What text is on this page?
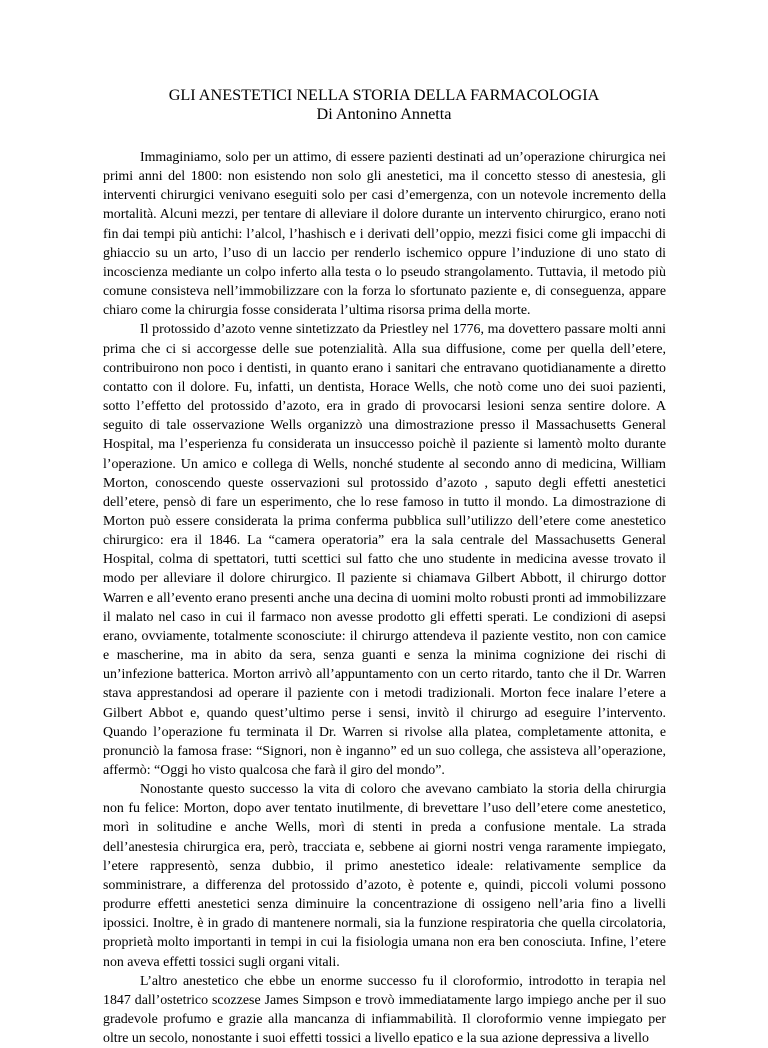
GLI ANESTETICI NELLA STORIA DELLA FARMACOLOGIA
Di Antonino Annetta

Immaginiamo, solo per un attimo, di essere pazienti destinati ad un’operazione chirurgica nei primi anni del 1800: non esistendo non solo gli anestetici, ma il concetto stesso di anestesia, gli interventi chirurgici venivano eseguiti solo per casi d’emergenza, con un notevole incremento della mortalità. Alcuni mezzi, per tentare di alleviare il dolore durante un intervento chirurgico, erano noti fin dai tempi più antichi: l’alcol, l’hashisch e i derivati dell’oppio, mezzi fisici come gli impacchi di ghiaccio su un arto, l’uso di un laccio per renderlo ischemico oppure l’induzione di uno stato di incoscienza mediante un colpo inferto alla testa o lo pseudo strangolamento. Tuttavia, il metodo più comune consisteva nell’immobilizzare con la forza lo sfortunato paziente e, di conseguenza, appare chiaro come la chirurgia fosse considerata l’ultima risorsa prima della morte.

Il protossido d’azoto venne sintetizzato da Priestley nel 1776, ma dovettero passare molti anni prima che ci si accorgesse delle sue potenzialità. Alla sua diffusione, come per quella dell’etere, contribuirono non poco i dentisti, in quanto erano i sanitari che entravano quotidianamente a diretto contatto con il dolore. Fu, infatti, un dentista, Horace Wells, che notò come uno dei suoi pazienti, sotto l’effetto del protossido d’azoto, era in grado di provocarsi lesioni senza sentire dolore. A seguito di tale osservazione Wells organizzò una dimostrazione presso il Massachusetts General Hospital, ma l’esperienza fu considerata un insuccesso poichè il paziente si lamentò molto durante l’operazione. Un amico e collega di Wells, nonché studente al secondo anno di medicina, William Morton, conoscendo queste osservazioni sul protossido d’azoto , saputo degli effetti anestetici dell’etere, pensò di fare un esperimento, che lo rese famoso in tutto il mondo. La dimostrazione di Morton può essere considerata la prima conferma pubblica sull’utilizzo dell’etere come anestetico chirurgico: era il 1846. La “camera operatoria” era la sala centrale del Massachusetts General Hospital, colma di spettatori, tutti scettici sul fatto che uno studente in medicina avesse trovato il modo per alleviare il dolore chirurgico. Il paziente si chiamava Gilbert Abbott, il chirurgo dottor Warren e all’evento erano presenti anche una decina di uomini molto robusti pronti ad immobilizzare il malato nel caso in cui il farmaco non avesse prodotto gli effetti sperati. Le condizioni di asepsi erano, ovviamente, totalmente sconosciute: il chirurgo attendeva il paziente vestito, non con camice e mascherine, ma in abito da sera, senza guanti e senza la minima cognizione dei rischi di un’infezione batterica. Morton arrivò all’appuntamento con un certo ritardo, tanto che il Dr. Warren stava apprestandosi ad operare il paziente con i metodi tradizionali. Morton fece inalare l’etere a Gilbert Abbot e, quando quest’ultimo perse i sensi, invitò il chirurgo ad eseguire l’intervento. Quando l’operazione fu terminata il Dr. Warren si rivolse alla platea, completamente attonita, e pronunciò la famosa frase: “Signori, non è inganno” ed un suo collega, che assisteva all’operazione, affermò: “Oggi ho visto qualcosa che farà il giro del mondo”.

Nonostante questo successo la vita di coloro che avevano cambiato la storia della chirurgia non fu felice: Morton, dopo aver tentato inutilmente, di brevettare l’uso dell’etere come anestetico, morì in solitudine e anche Wells, morì di stenti in preda a confusione mentale. La strada dell’anestesia chirurgica era, però, tracciata e, sebbene ai giorni nostri venga raramente impiegato, l’etere rappresentò, senza dubbio, il primo anestetico ideale: relativamente semplice da somministrare, a differenza del protossido d’azoto, è potente e, quindi, piccoli volumi possono produrre effetti anestetici senza diminuire la concentrazione di ossigeno nell’aria fino a livelli ipossici. Inoltre, è in grado di mantenere normali, sia la funzione respiratoria che quella circolatoria, proprietà molto importanti in tempi in cui la fisiologia umana non era ben conosciuta. Infine, l’etere non aveva effetti tossici sugli organi vitali.

L’altro anestetico che ebbe un enorme successo fu il cloroformio, introdotto in terapia nel 1847 dall’ostetrico scozzese James Simpson e trovò immediatamente largo impiego anche per il suo gradevole profumo e grazie alla mancanza di infiammabilità. Il cloroformio venne impiegato per oltre un secolo, nonostante i suoi effetti tossici a livello epatico e la sua azione depressiva a livello
